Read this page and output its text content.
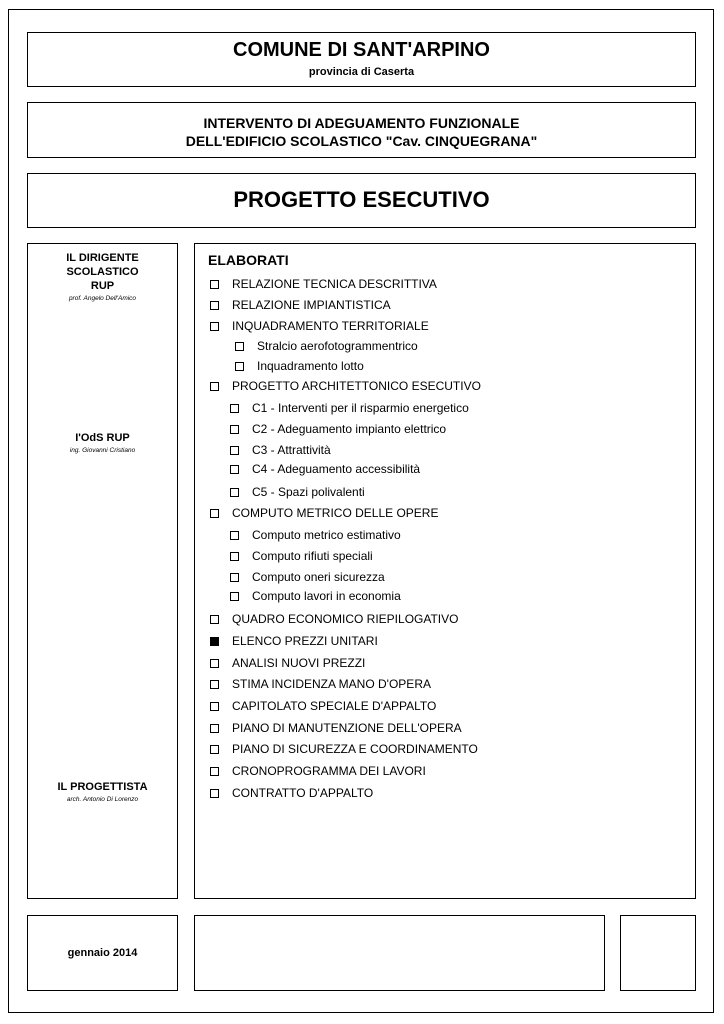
COMUNE DI SANT'ARPINO
provincia di Caserta
INTERVENTO DI ADEGUAMENTO FUNZIONALE
DELL'EDIFICIO SCOLASTICO "Cav. CINQUEGRANA"
PROGETTO ESECUTIVO
IL DIRIGENTE
SCOLASTICO
RUP
prof. Angelo Dell'Amico
I'OdS RUP
ing. Giovanni Cristiano
IL PROGETTISTA
arch. Antonio Di Lorenzo
ELABORATI
RELAZIONE TECNICA DESCRITTIVA
RELAZIONE IMPIANTISTICA
INQUADRAMENTO TERRITORIALE
Stralcio aerofotogrammentrico
Inquadramento lotto
PROGETTO ARCHITETTONICO ESECUTIVO
C1 - Interventi per il risparmio energetico
C2 - Adeguamento impianto elettrico
C3 - Attrattività
C4 - Adeguamento accessibilità
C5 - Spazi polivalenti
COMPUTO METRICO DELLE OPERE
Computo metrico estimativo
Computo rifiuti speciali
Computo oneri sicurezza
Computo lavori in economia
QUADRO ECONOMICO RIEPILOGATIVO
ELENCO PREZZI UNITARI
ANALISI NUOVI PREZZI
STIMA INCIDENZA MANO D'OPERA
CAPITOLATO SPECIALE D'APPALTO
PIANO DI MANUTENZIONE DELL'OPERA
PIANO DI SICUREZZA E COORDINAMENTO
CRONOPROGRAMMA DEI LAVORI
CONTRATTO D'APPALTO
gennaio 2014
